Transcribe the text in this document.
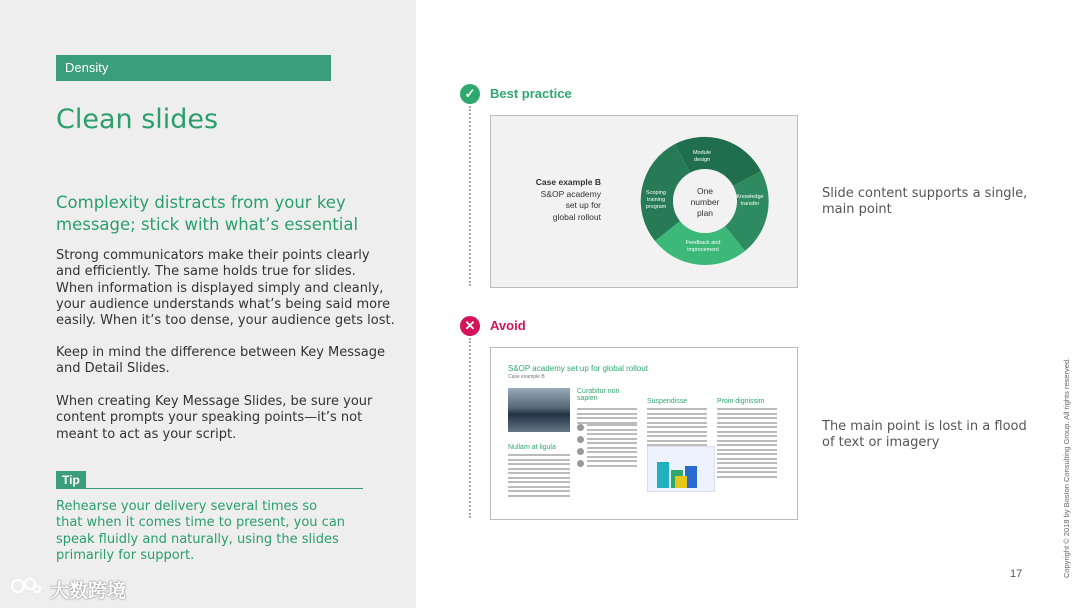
Density
Clean slides
Complexity distracts from your key message; stick with what’s essential
Strong communicators make their points clearly and efficiently. The same holds true for slides. When information is displayed simply and cleanly, your audience understands what’s being said more easily. When it’s too dense, your audience gets lost.
Keep in mind the difference between Key Message and Detail Slides.
When creating Key Message Slides, be sure your content prompts your speaking points—it’s not meant to act as your script.
Tip
Rehearse your delivery several times so that when it comes time to present, you can speak fluidly and naturally, using the slides primarily for support.
大数跨境
✓	Best practice
Case example B
S&OP academy
set up for
global rollout
One
number
plan
Module design
Knowledge transfer
Feedback and improvement
Scoping training program
Slide content supports a single, main point
✕	Avoid
S&OP academy set up for global rollout
Case example B
Curabitur non sapien	Suspendisse	Proin dignissim
Nullam at ligula
The main point is lost in a flood of text or imagery
17	Copyright © 2018 by Boston Consulting Group. All rights reserved.
